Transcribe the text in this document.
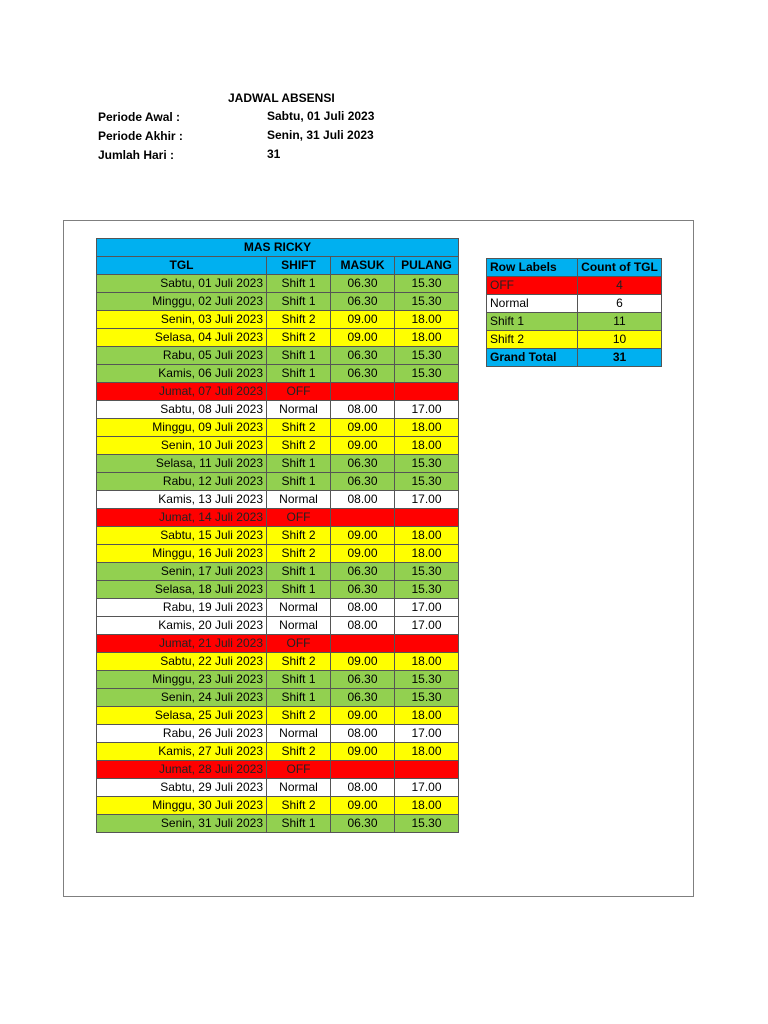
JADWAL ABSENSI
Periode Awal :	Sabtu, 01 Juli 2023
Periode Akhir :	Senin, 31 Juli 2023
Jumlah Hari :	31
MAS RICKY			
TGL	SHIFT	MASUK	PULANG
Sabtu, 01 Juli 2023	Shift 1	06.30	15.30
Minggu, 02 Juli 2023	Shift 1	06.30	15.30
Senin, 03 Juli 2023	Shift 2	09.00	18.00
Selasa, 04 Juli 2023	Shift 2	09.00	18.00
Rabu, 05 Juli 2023	Shift 1	06.30	15.30
Kamis, 06 Juli 2023	Shift 1	06.30	15.30
Jumat, 07 Juli 2023	OFF		
Sabtu, 08 Juli 2023	Normal	08.00	17.00
Minggu, 09 Juli 2023	Shift 2	09.00	18.00
Senin, 10 Juli 2023	Shift 2	09.00	18.00
Selasa, 11 Juli 2023	Shift 1	06.30	15.30
Rabu, 12 Juli 2023	Shift 1	06.30	15.30
Kamis, 13 Juli 2023	Normal	08.00	17.00
Jumat, 14 Juli 2023	OFF		
Sabtu, 15 Juli 2023	Shift 2	09.00	18.00
Minggu, 16 Juli 2023	Shift 2	09.00	18.00
Senin, 17 Juli 2023	Shift 1	06.30	15.30
Selasa, 18 Juli 2023	Shift 1	06.30	15.30
Rabu, 19 Juli 2023	Normal	08.00	17.00
Kamis, 20 Juli 2023	Normal	08.00	17.00
Jumat, 21 Juli 2023	OFF		
Sabtu, 22 Juli 2023	Shift 2	09.00	18.00
Minggu, 23 Juli 2023	Shift 1	06.30	15.30
Senin, 24 Juli 2023	Shift 1	06.30	15.30
Selasa, 25 Juli 2023	Shift 2	09.00	18.00
Rabu, 26 Juli 2023	Normal	08.00	17.00
Kamis, 27 Juli 2023	Shift 2	09.00	18.00
Jumat, 28 Juli 2023	OFF		
Sabtu, 29 Juli 2023	Normal	08.00	17.00
Minggu, 30 Juli 2023	Shift 2	09.00	18.00
Senin, 31 Juli 2023	Shift 1	06.30	15.30
Row Labels	Count of TGL
OFF	4
Normal	6
Shift 1	11
Shift 2	10
Grand Total	31
